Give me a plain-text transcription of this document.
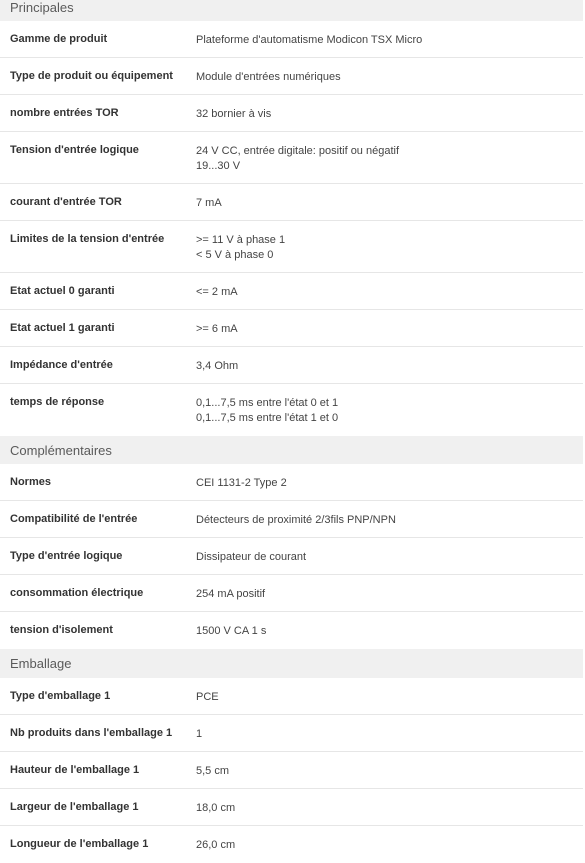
Principales
Gamme de produit	Plateforme d'automatisme Modicon TSX Micro
Type de produit ou équipement	Module d'entrées numériques
nombre entrées TOR	32 bornier à vis
Tension d'entrée logique	24 V CC, entrée digitale: positif ou négatif
19...30 V
courant d'entrée TOR	7 mA
Limites de la tension d'entrée	>= 11 V à phase 1
< 5 V à phase 0
Etat actuel 0 garanti	<= 2 mA
Etat actuel 1 garanti	>= 6 mA
Impédance d'entrée	3,4 Ohm
temps de réponse	0,1...7,5 ms entre l'état 0 et 1
0,1...7,5 ms entre l'état 1 et 0
Complémentaires
Normes	CEI 1131-2 Type 2
Compatibilité de l'entrée	Détecteurs de proximité 2/3fils PNP/NPN
Type d'entrée logique	Dissipateur de courant
consommation électrique	254 mA positif
tension d'isolement	1500 V CA 1 s
Emballage
Type d'emballage 1	PCE
Nb produits dans l'emballage 1	1
Hauteur de l'emballage 1	5,5 cm
Largeur de l'emballage 1	18,0 cm
Longueur de l'emballage 1	26,0 cm
